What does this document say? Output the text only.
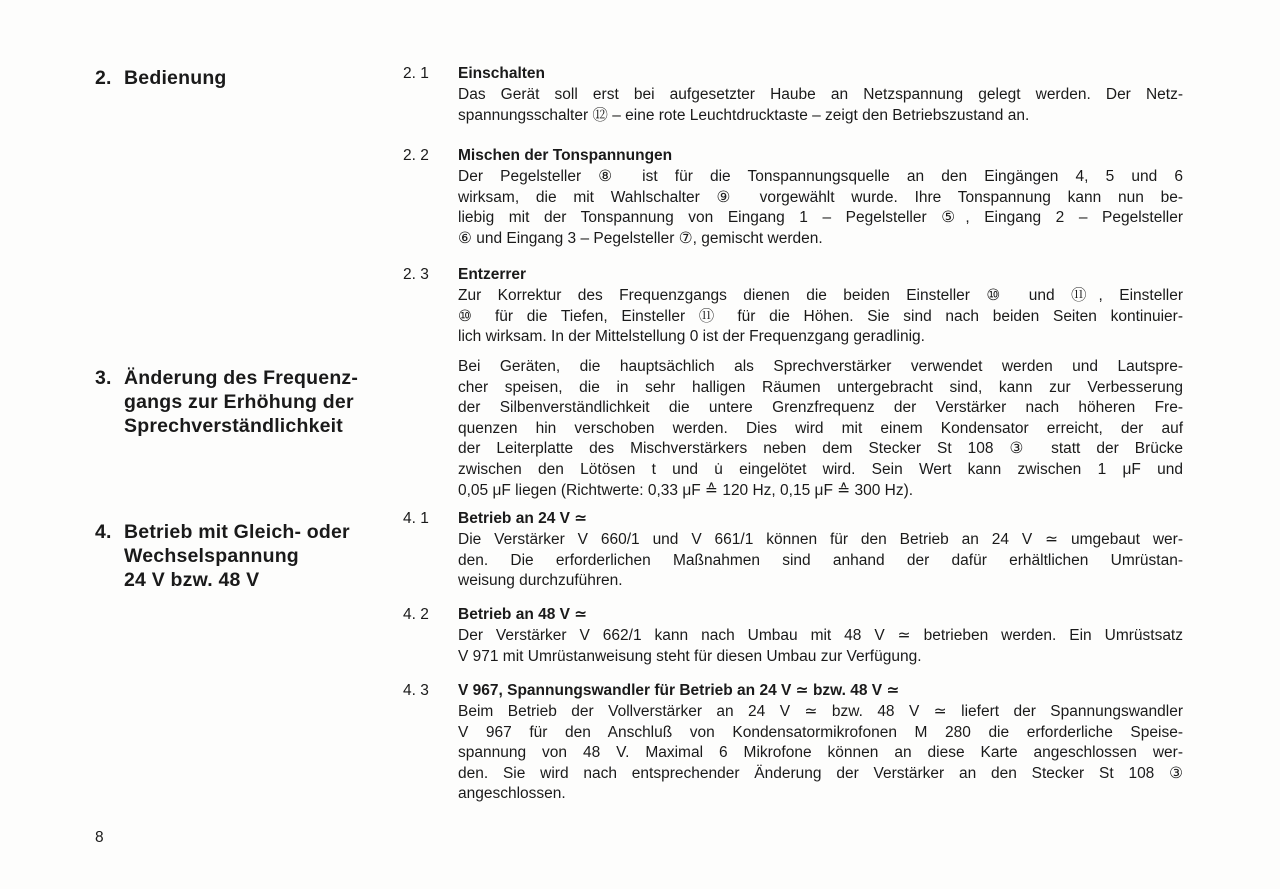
2. Bedienung
3. Änderung des Frequenz-
gangs zur Erhöhung der
Sprechverständlichkeit
4. Betrieb mit Gleich- oder
Wechselspannung
24 V bzw. 48 V
2. 1	Einschalten
Das Gerät soll erst bei aufgesetzter Haube an Netzspannung gelegt werden. Der Netz-
spannungsschalter ⑫ – eine rote Leuchtdrucktaste – zeigt den Betriebszustand an.
2. 2	Mischen der Tonspannungen
Der Pegelsteller ⑧ ist für die Tonspannungsquelle an den Eingängen 4, 5 und 6
wirksam, die mit Wahlschalter ⑨ vorgewählt wurde. Ihre Tonspannung kann nun be-
liebig mit der Tonspannung von Eingang 1 – Pegelsteller ⑤, Eingang 2 – Pegelsteller
⑥ und Eingang 3 – Pegelsteller ⑦, gemischt werden.
2. 3	Entzerrer
Zur Korrektur des Frequenzgangs dienen die beiden Einsteller ⑩ und ⑪, Einsteller
⑩ für die Tiefen, Einsteller ⑪ für die Höhen. Sie sind nach beiden Seiten kontinuier-
lich wirksam. In der Mittelstellung 0 ist der Frequenzgang geradlinig.
Bei Geräten, die hauptsächlich als Sprechverstärker verwendet werden und Lautspre-
cher speisen, die in sehr halligen Räumen untergebracht sind, kann zur Verbesserung
der Silbenverständlichkeit die untere Grenzfrequenz der Verstärker nach höheren Fre-
quenzen hin verschoben werden. Dies wird mit einem Kondensator erreicht, der auf
der Leiterplatte des Mischverstärkers neben dem Stecker St 108 ③ statt der Brücke
zwischen den Lötösen t und u̇ eingelötet wird. Sein Wert kann zwischen 1 μF und
0,05 μF liegen (Richtwerte: 0,33 μF ≙ 120 Hz, 0,15 μF ≙ 300 Hz).
4. 1	Betrieb an 24 V ≃
Die Verstärker V 660/1 und V 661/1 können für den Betrieb an 24 V ≃ umgebaut wer-
den. Die erforderlichen Maßnahmen sind anhand der dafür erhältlichen Umrüstan-
weisung durchzuführen.
4. 2	Betrieb an 48 V ≃
Der Verstärker V 662/1 kann nach Umbau mit 48 V ≃ betrieben werden. Ein Umrüstsatz
V 971 mit Umrüstanweisung steht für diesen Umbau zur Verfügung.
4. 3	V 967, Spannungswandler für Betrieb an 24 V ≃ bzw. 48 V ≃
Beim Betrieb der Vollverstärker an 24 V ≃ bzw. 48 V ≃ liefert der Spannungswandler
V 967 für den Anschluß von Kondensatormikrofonen M 280 die erforderliche Speise-
spannung von 48 V. Maximal 6 Mikrofone können an diese Karte angeschlossen wer-
den. Sie wird nach entsprechender Änderung der Verstärker an den Stecker St 108 ③
angeschlossen.
8
